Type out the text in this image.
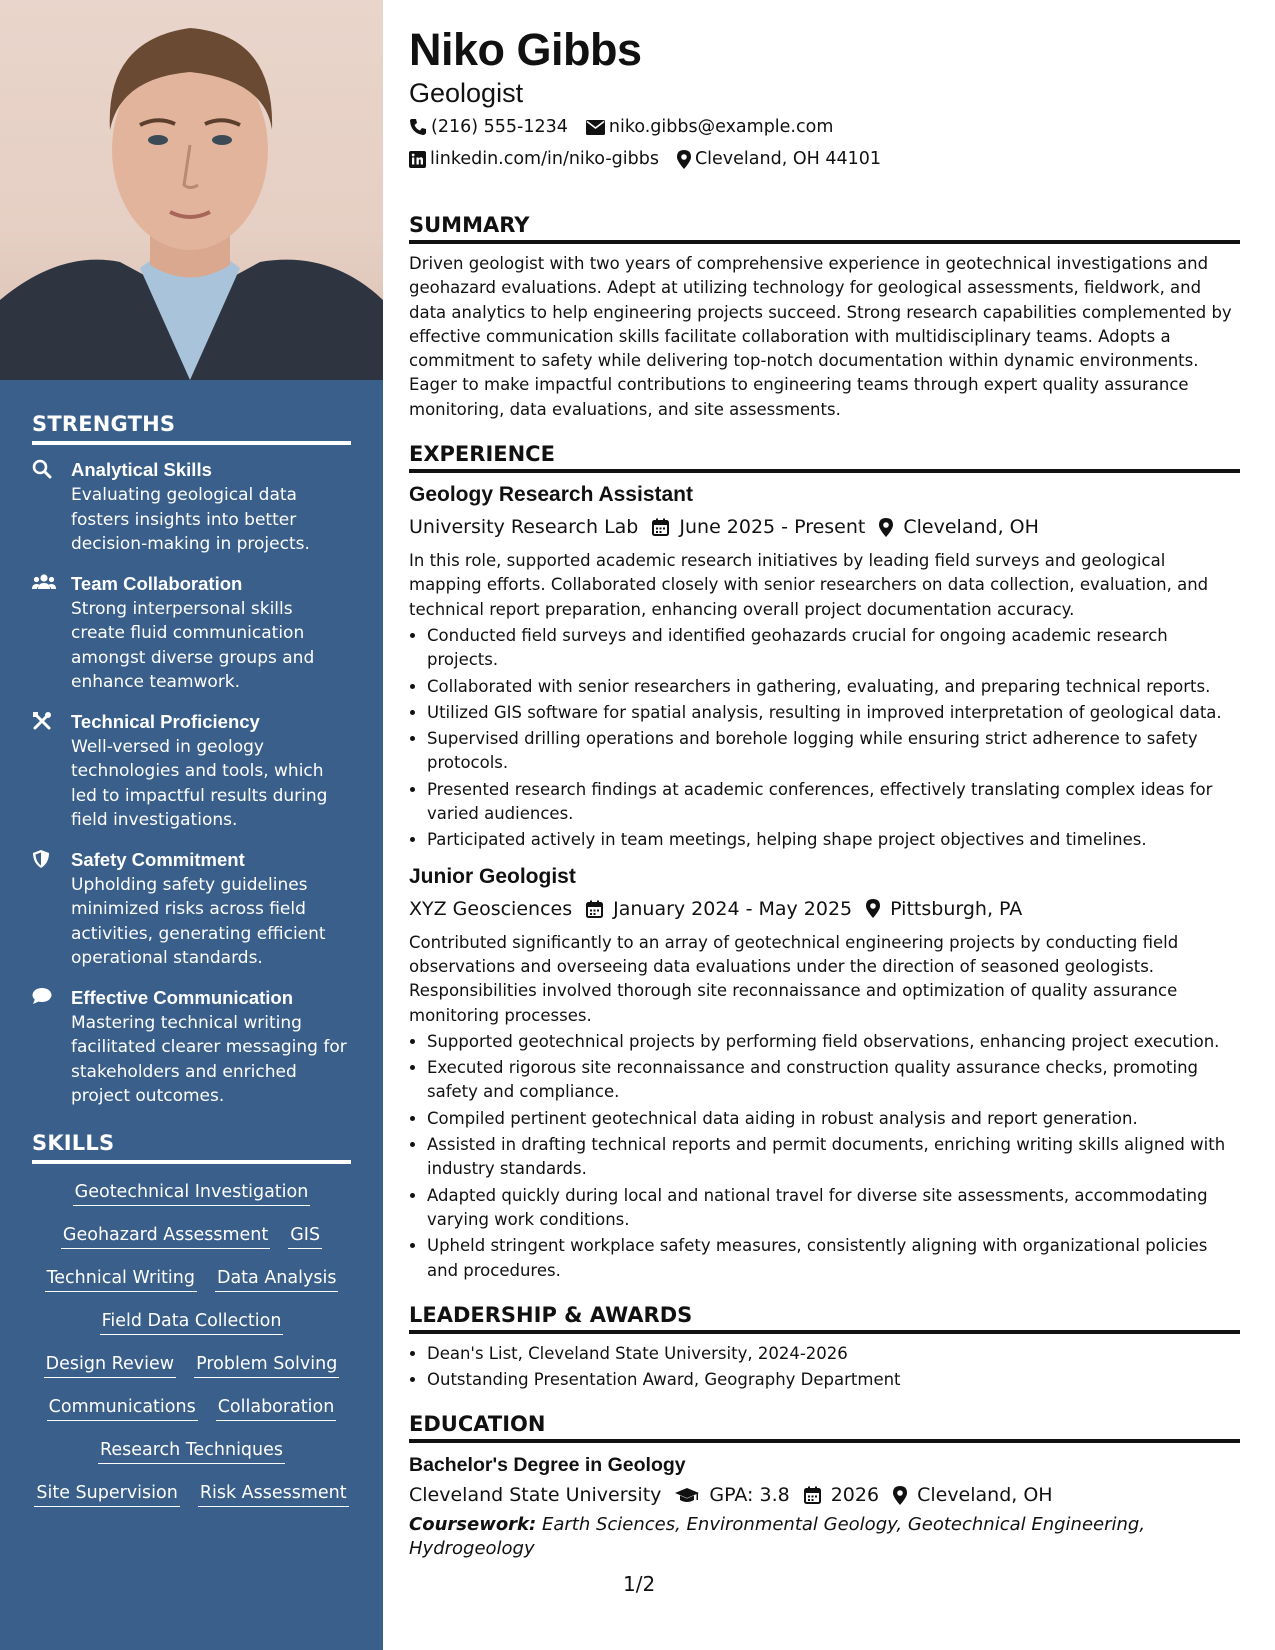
STRENGTHS
Analytical Skills
Evaluating geological data fosters insights into better decision-making in projects.
Team Collaboration
Strong interpersonal skills create fluid communication amongst diverse groups and enhance teamwork.
Technical Proficiency
Well-versed in geology technologies and tools, which led to impactful results during field investigations.
Safety Commitment
Upholding safety guidelines minimized risks across field activities, generating efficient operational standards.
Effective Communication
Mastering technical writing facilitated clearer messaging for stakeholders and enriched project outcomes.
SKILLS
Geotechnical Investigation
Geohazard Assessment GIS
Technical Writing Data Analysis
Field Data Collection
Design Review Problem Solving
Communications Collaboration
Research Techniques
Site Supervision Risk Assessment
Niko Gibbs
Geologist
(216) 555-1234 niko.gibbs@example.com
linkedin.com/in/niko-gibbs Cleveland, OH 44101
SUMMARY
Driven geologist with two years of comprehensive experience in geotechnical investigations and geohazard evaluations. Adept at utilizing technology for geological assessments, fieldwork, and data analytics to help engineering projects succeed. Strong research capabilities complemented by effective communication skills facilitate collaboration with multidisciplinary teams. Adopts a commitment to safety while delivering top-notch documentation within dynamic environments. Eager to make impactful contributions to engineering teams through expert quality assurance monitoring, data evaluations, and site assessments.
EXPERIENCE
Geology Research Assistant
University Research Lab June 2025 - Present Cleveland, OH
In this role, supported academic research initiatives by leading field surveys and geological mapping efforts. Collaborated closely with senior researchers on data collection, evaluation, and technical report preparation, enhancing overall project documentation accuracy.
• Conducted field surveys and identified geohazards crucial for ongoing academic research projects.
• Collaborated with senior researchers in gathering, evaluating, and preparing technical reports.
• Utilized GIS software for spatial analysis, resulting in improved interpretation of geological data.
• Supervised drilling operations and borehole logging while ensuring strict adherence to safety protocols.
• Presented research findings at academic conferences, effectively translating complex ideas for varied audiences.
• Participated actively in team meetings, helping shape project objectives and timelines.
Junior Geologist
XYZ Geosciences January 2024 - May 2025 Pittsburgh, PA
Contributed significantly to an array of geotechnical engineering projects by conducting field observations and overseeing data evaluations under the direction of seasoned geologists. Responsibilities involved thorough site reconnaissance and optimization of quality assurance monitoring processes.
• Supported geotechnical projects by performing field observations, enhancing project execution.
• Executed rigorous site reconnaissance and construction quality assurance checks, promoting safety and compliance.
• Compiled pertinent geotechnical data aiding in robust analysis and report generation.
• Assisted in drafting technical reports and permit documents, enriching writing skills aligned with industry standards.
• Adapted quickly during local and national travel for diverse site assessments, accommodating varying work conditions.
• Upheld stringent workplace safety measures, consistently aligning with organizational policies and procedures.
LEADERSHIP & AWARDS
• Dean's List, Cleveland State University, 2024-2026
• Outstanding Presentation Award, Geography Department
EDUCATION
Bachelor's Degree in Geology
Cleveland State University	GPA: 3.8 2026 Cleveland, OH
Coursework: Earth Sciences, Environmental Geology, Geotechnical Engineering, Hydrogeology
1/2
